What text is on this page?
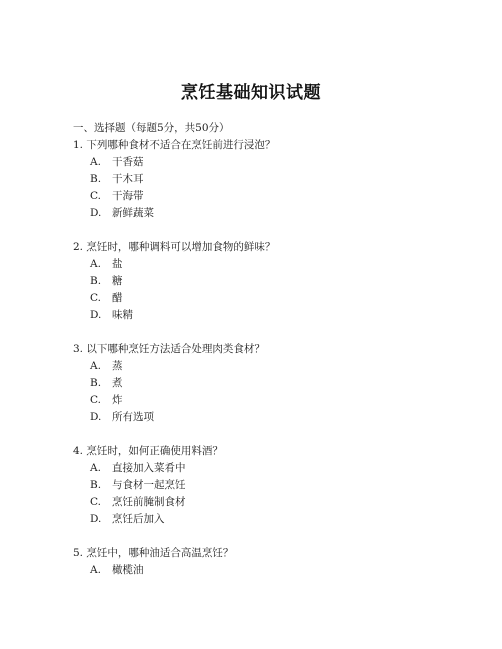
烹饪基础知识试题
一、选择题（每题5分，共50分）
1. 下列哪种食材不适合在烹饪前进行浸泡？
A. 干香菇
B. 干木耳
C. 干海带
D. 新鲜蔬菜
2. 烹饪时，哪种调料可以增加食物的鲜味？
A. 盐
B. 糖
C. 醋
D. 味精
3. 以下哪种烹饪方法适合处理肉类食材？
A. 蒸
B. 煮
C. 炸
D. 所有选项
4. 烹饪时，如何正确使用料酒？
A. 直接加入菜肴中
B. 与食材一起烹饪
C. 烹饪前腌制食材
D. 烹饪后加入
5. 烹饪中，哪种油适合高温烹饪？
A. 橄榄油
